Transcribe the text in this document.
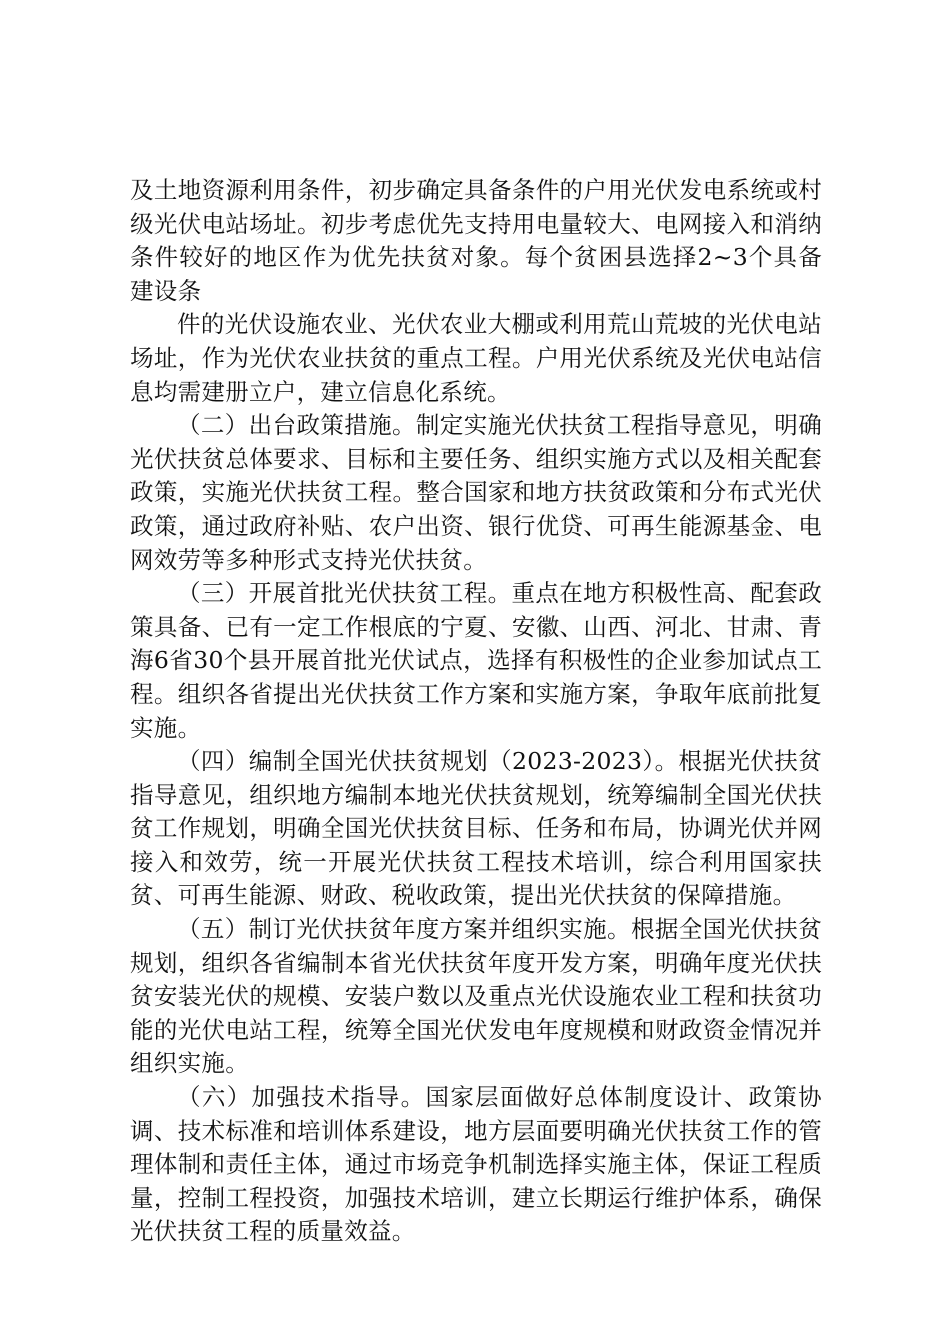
及土地资源利用条件，初步确定具备条件的户用光伏发电系统或村级光伏电站场址。初步考虑优先支持用电量较大、电网接入和消纳条件较好的地区作为优先扶贫对象。每个贫困县选择2~3个具备建设条

件的光伏设施农业、光伏农业大棚或利用荒山荒坡的光伏电站场址，作为光伏农业扶贫的重点工程。户用光伏系统及光伏电站信息均需建册立户，建立信息化系统。

（二）出台政策措施。制定实施光伏扶贫工程指导意见，明确光伏扶贫总体要求、目标和主要任务、组织实施方式以及相关配套政策，实施光伏扶贫工程。整合国家和地方扶贫政策和分布式光伏政策，通过政府补贴、农户出资、银行优贷、可再生能源基金、电网效劳等多种形式支持光伏扶贫。

（三）开展首批光伏扶贫工程。重点在地方积极性高、配套政策具备、已有一定工作根底的宁夏、安徽、山西、河北、甘肃、青海6省30个县开展首批光伏试点，选择有积极性的企业参加试点工程。组织各省提出光伏扶贫工作方案和实施方案，争取年底前批复实施。

（四）编制全国光伏扶贫规划（2023-2023）。根据光伏扶贫指导意见，组织地方编制本地光伏扶贫规划，统筹编制全国光伏扶贫工作规划，明确全国光伏扶贫目标、任务和布局，协调光伏并网接入和效劳，统一开展光伏扶贫工程技术培训，综合利用国家扶贫、可再生能源、财政、税收政策，提出光伏扶贫的保障措施。

（五）制订光伏扶贫年度方案并组织实施。根据全国光伏扶贫规划，组织各省编制本省光伏扶贫年度开发方案，明确年度光伏扶贫安装光伏的规模、安装户数以及重点光伏设施农业工程和扶贫功能的光伏电站工程，统筹全国光伏发电年度规模和财政资金情况并组织实施。

（六）加强技术指导。国家层面做好总体制度设计、政策协调、技术标准和培训体系建设，地方层面要明确光伏扶贫工作的管理体制和责任主体，通过市场竞争机制选择实施主体，保证工程质量，控制工程投资，加强技术培训，建立长期运行维护体系，确保光伏扶贫工程的质量效益。
